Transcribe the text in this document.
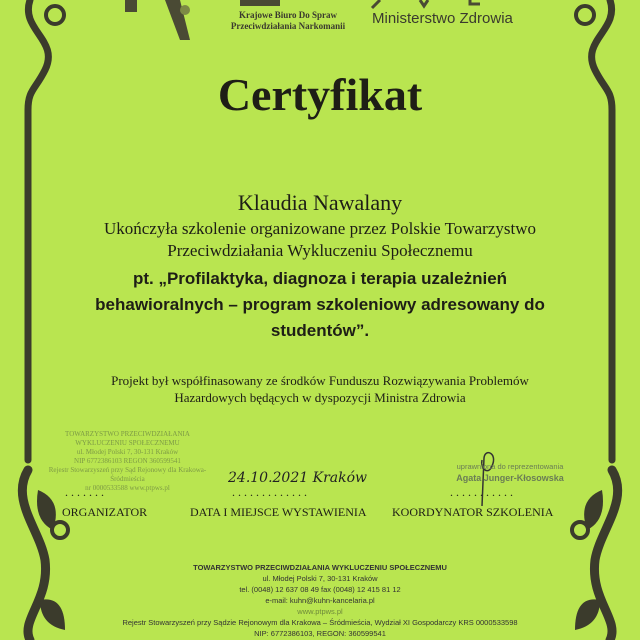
Krajowe Biuro Do Spraw
Przeciwdziałania Narkomanii Ministerstwo Zdrowia
Certyfikat
Klaudia Nawalany
Ukończyła szkolenie organizowane przez Polskie Towarzystwo
Przeciwdziałania Wykluczeniu Społecznemu
pt. „Profilaktyka, diagnoza i terapia uzależnień
behawioralnych – program szkoleniowy adresowany do
studentów”.
Projekt był współfinasowany ze środków Funduszu Rozwiązywania Problemów
Hazardowych będących w dyspozycji Ministra Zdrowia
TOWARZYSTWO PRZECIWDZIAŁANIA WYKLUCZENIU SPOŁECZNEMU
ul. Młodej Polski 7, 30-131 Kraków
NIP 6772386103 REGON 360599541
Rejestr Stowarzyszeń przy Sąd Rejonowy dla Krakowa-Śródmieścia
nr 0000533588 www.ptpws.pl
24.10.2021 Kraków
uprawniona do reprezentowania
Agata Junger-Kłosowska
.......	.............	...........
ORGANIZATOR	DATA I MIEJSCE WYSTAWIENIA KOORDYNATOR SZKOLENIA
TOWARZYSTWO PRZECIWDZIAŁANIA WYKLUCZENIU SPOŁECZNEMU
ul. Młodej Polski 7, 30-131 Kraków
tel. (0048) 12 637 08 49 fax (0048) 12 415 81 12
e-mail: kuhn@kuhn-kancelaria.pl
www.ptpws.pl
Rejestr Stowarzyszeń przy Sądzie Rejonowym dla Krakowa – Śródmieścia, Wydział XI Gospodarczy KRS 0000533598
NIP: 6772386103, REGON: 360599541
